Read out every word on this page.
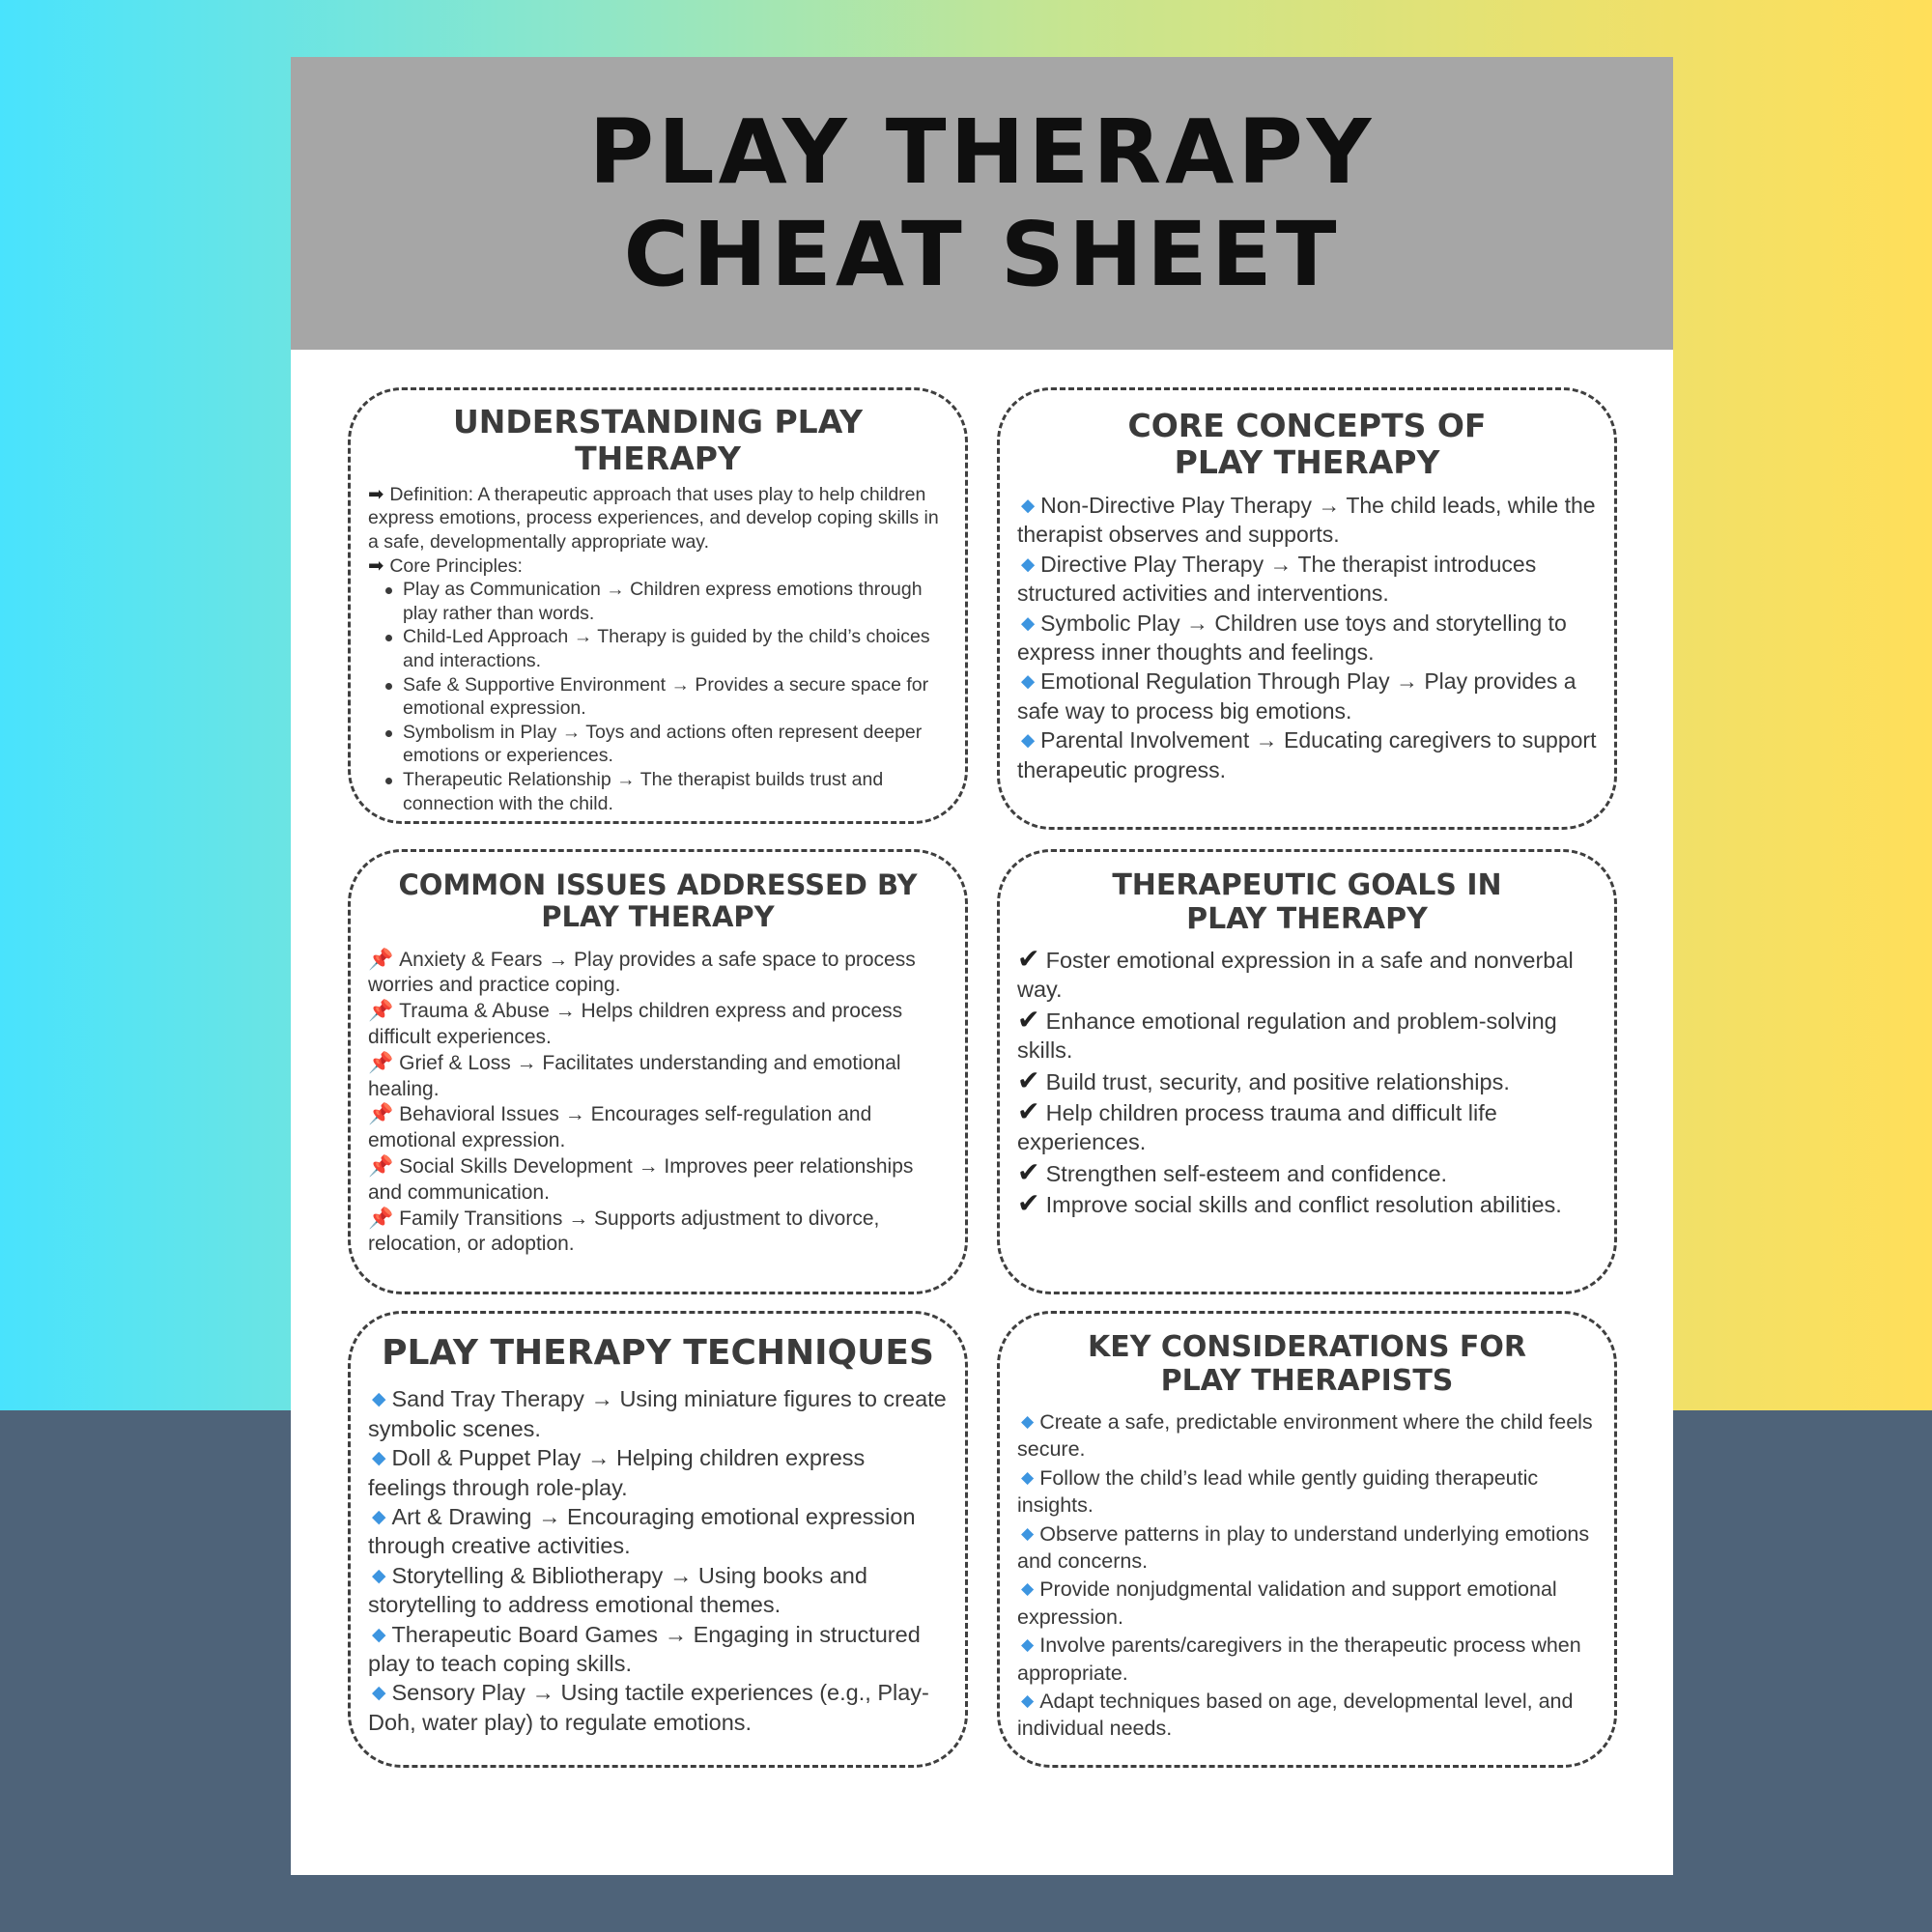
PLAY THERAPY
CHEAT SHEET
UNDERSTANDING PLAY THERAPY
➡ Definition: A therapeutic approach that uses play to help children express emotions, process experiences, and develop coping skills in a safe, developmentally appropriate way.
➡ Core Principles:
Play as Communication → Children express emotions through play rather than words.
Child-Led Approach → Therapy is guided by the child’s choices and interactions.
Safe & Supportive Environment → Provides a secure space for emotional expression.
Symbolism in Play → Toys and actions often represent deeper emotions or experiences.
Therapeutic Relationship → The therapist builds trust and connection with the child.
CORE CONCEPTS OF PLAY THERAPY
◆ Non-Directive Play Therapy → The child leads, while the therapist observes and supports.
◆ Directive Play Therapy → The therapist introduces structured activities and interventions.
◆ Symbolic Play → Children use toys and storytelling to express inner thoughts and feelings.
◆ Emotional Regulation Through Play → Play provides a safe way to process big emotions.
◆ Parental Involvement → Educating caregivers to support therapeutic progress.
COMMON ISSUES ADDRESSED BY PLAY THERAPY
📌 Anxiety & Fears → Play provides a safe space to process worries and practice coping.
📌 Trauma & Abuse → Helps children express and process difficult experiences.
📌 Grief & Loss → Facilitates understanding and emotional healing.
📌 Behavioral Issues → Encourages self-regulation and emotional expression.
📌 Social Skills Development → Improves peer relationships and communication.
📌 Family Transitions → Supports adjustment to divorce, relocation, or adoption.
THERAPEUTIC GOALS IN PLAY THERAPY
✔ Foster emotional expression in a safe and nonverbal way.
✔ Enhance emotional regulation and problem-solving skills.
✔ Build trust, security, and positive relationships.
✔ Help children process trauma and difficult life experiences.
✔ Strengthen self-esteem and confidence.
✔ Improve social skills and conflict resolution abilities.
PLAY THERAPY TECHNIQUES
◆ Sand Tray Therapy → Using miniature figures to create symbolic scenes.
◆ Doll & Puppet Play → Helping children express feelings through role-play.
◆ Art & Drawing → Encouraging emotional expression through creative activities.
◆ Storytelling & Bibliotherapy → Using books and storytelling to address emotional themes.
◆ Therapeutic Board Games → Engaging in structured play to teach coping skills.
◆ Sensory Play → Using tactile experiences (e.g., Play-Doh, water play) to regulate emotions.
KEY CONSIDERATIONS FOR PLAY THERAPISTS
◆ Create a safe, predictable environment where the child feels secure.
◆ Follow the child’s lead while gently guiding therapeutic insights.
◆ Observe patterns in play to understand underlying emotions and concerns.
◆ Provide nonjudgmental validation and support emotional expression.
◆ Involve parents/caregivers in the therapeutic process when appropriate.
◆ Adapt techniques based on age, developmental level, and individual needs.
